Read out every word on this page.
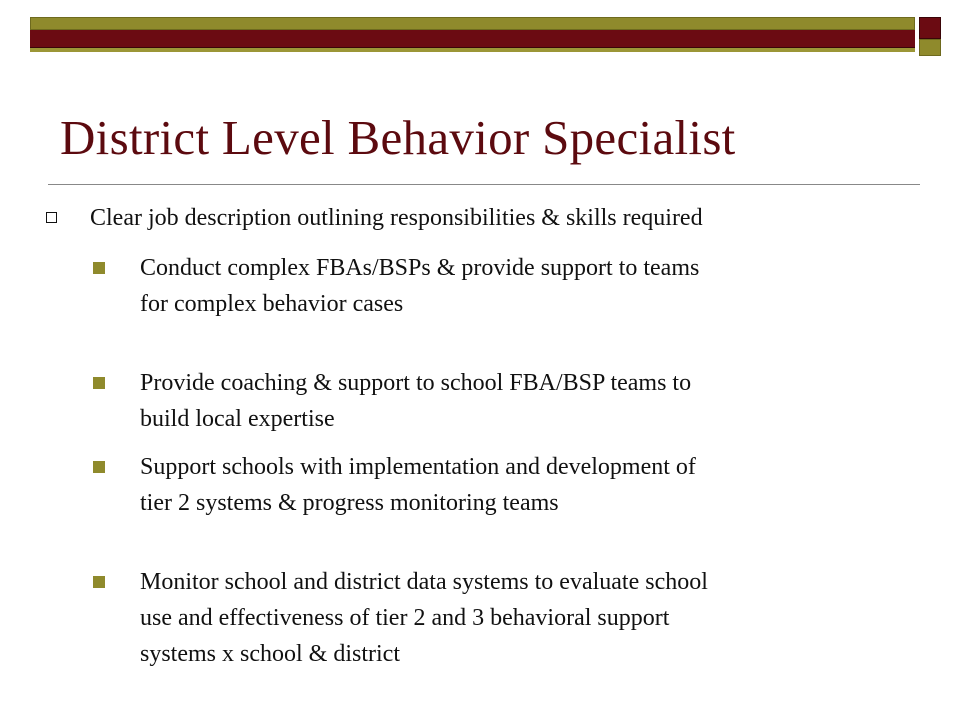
District Level Behavior Specialist
Clear job description outlining responsibilities & skills required
Conduct complex FBAs/BSPs & provide support to teams
for complex behavior cases
Provide coaching & support to school FBA/BSP teams to
build local expertise
Support schools with implementation and development of
tier 2 systems & progress monitoring teams
Monitor school and district data systems to evaluate school
use and effectiveness of tier 2 and 3 behavioral support
systems x school & district
